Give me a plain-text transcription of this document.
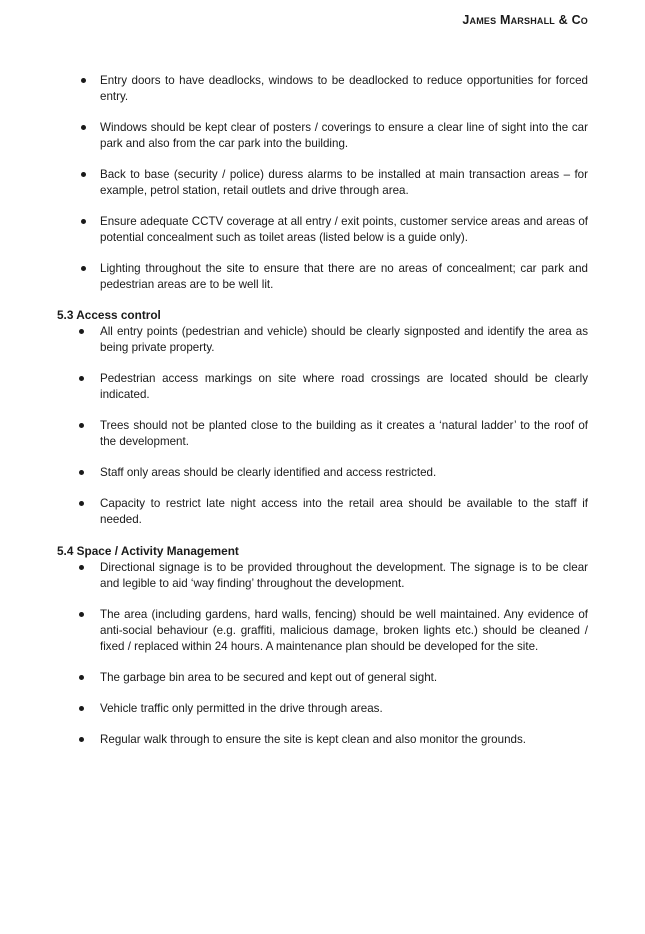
James Marshall & Co
Entry doors to have deadlocks, windows to be deadlocked to reduce opportunities for forced entry.
Windows should be kept clear of posters / coverings to ensure a clear line of sight into the car park and also from the car park into the building.
Back to base (security / police) duress alarms to be installed at main transaction areas – for example, petrol station, retail outlets and drive through area.
Ensure adequate CCTV coverage at all entry / exit points, customer service areas and areas of potential concealment such as toilet areas (listed below is a guide only).
Lighting throughout the site to ensure that there are no areas of concealment; car park and pedestrian areas are to be well lit.

5.3 Access control

All entry points (pedestrian and vehicle) should be clearly signposted and identify the area as being private property.
Pedestrian access markings on site where road crossings are located should be clearly indicated.
Trees should not be planted close to the building as it creates a ‘natural ladder’ to the roof of the development.
Staff only areas should be clearly identified and access restricted.
Capacity to restrict late night access into the retail area should be available to the staff if needed.

5.4 Space / Activity Management

Directional signage is to be provided throughout the development. The signage is to be clear and legible to aid ‘way finding’ throughout the development.
The area (including gardens, hard walls, fencing) should be well maintained. Any evidence of anti-social behaviour (e.g. graffiti, malicious damage, broken lights etc.) should be cleaned / fixed / replaced within 24 hours. A maintenance plan should be developed for the site.
The garbage bin area to be secured and kept out of general sight.
Vehicle traffic only permitted in the drive through areas.
Regular walk through to ensure the site is kept clean and also monitor the grounds.
